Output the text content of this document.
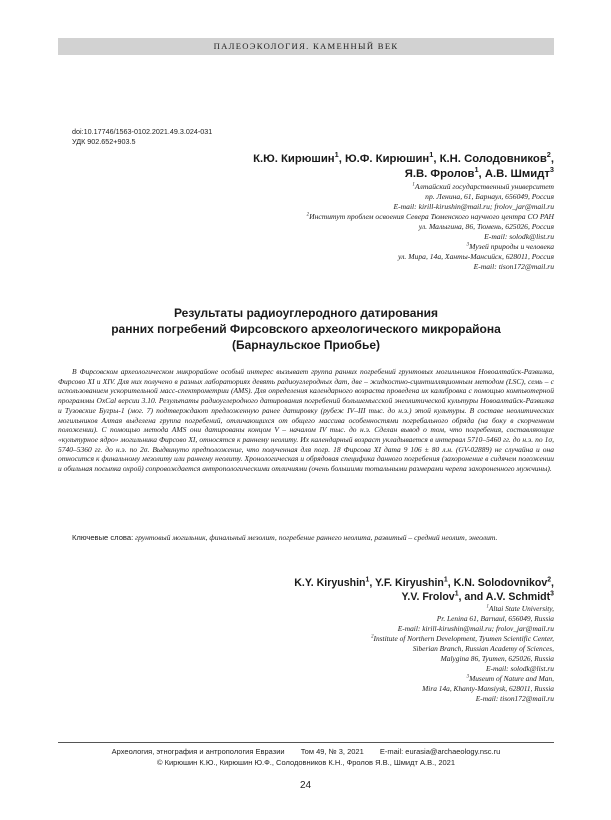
ПАЛЕОЭКОЛОГИЯ. КАМЕННЫЙ ВЕК
doi:10.17746/1563-0102.2021.49.3.024-031
УДК 902.652+903.5
К.Ю. Кирюшин$^1$, Ю.Ф. Кирюшин$^1$, К.Н. Солодовников$^2$,
Я.В. Фролов$^1$, А.В. Шмидт$^3$
$^1$Алтайский государственный университет
пр. Ленина, 61, Барнаул, 656049, Россия
E-mail: kirill-kirushin@mail.ru; frolov_jar@mail.ru
$^2$Институт проблем освоения Севера Тюменского научного центра СО РАН
ул. Малыгина, 86, Тюмень, 625026, Россия
E-mail: solodk@list.ru
$^3$Музей природы и человека
ул. Мира, 14а, Ханты-Мансийск, 628011, Россия
E-mail: tison172@mail.ru
Результаты радиоуглеродного датирования
ранних погребений Фирсовского археологического микрорайона
(Барнаульское Приобье)
В Фирсовском археологическом микрорайоне особый интерес вызывает группа ранних погребений грунтовых могильников Новоалтайск-Развилка, Фирсово XI и XIV. Для них получено в разных лабораториях девять радиоуглеродных дат, две – жидкостно-сцинтилляционным методом (LSC), семь – с использованием ускорительной масс-спектрометрии (AMS). Для определения календарного возраста проведена их калибровка с помощью компьютерной программы OxCal версии 3.10. Результаты радиоуглеродного датирования погребений большемысской энеолитической культуры Новоалтайск-Развилка и Тузовские Бугры-1 (мог. 7) подтверждают предложенную ранее датировку (рубеж IV–III тыс. до н.э.) этой культуры. В составе неолитических могильников Алтая выделена группа погребений, отличающихся от общего массива особенностями погребального обряда (на боку в скорченном положении). С помощью метода AMS они датированы концом V – началом IV тыс. до н.э. Сделан вывод о том, что погребения, составляющие «культурное ядро» могильника Фирсово XI, относятся к раннему неолиту. Их календарный возраст укладывается в интервал 5710–5460 гг. до н.э. по 1σ, 5740–5360 гг. до н.э. по 2σ. Выдвинуто предположение, что полученная для погр. 18 Фирсова XI дата 9 106 ± 80 л.н. (GV-02889) не случайна и она относится к финальному мезолиту или раннему неолиту. Хронологическая и обрядовая специфика данного погребения (захоронение в сидячем положении и обильная посыпка охрой) сопровождается антропологическими отличиями (очень большими тотальными размерами черепа захороненного мужчины).
Ключевые слова: грунтовый могильник, финальный мезолит, погребение раннего неолита, развитый – средний неолит, энеолит.
K.Y. Kiryushin$^1$, Y.F. Kiryushin$^1$, K.N. Solodovnikov$^2$,
Y.V. Frolov$^1$, and A.V. Schmidt$^3$
$^1$Altai State University,
Pr. Lenina 61, Barnaul, 656049, Russia
E-mail: kirill-kirushin@mail.ru; frolov_jar@mail.ru
$^2$Institute of Northern Development, Tyumen Scientific Center,
Siberian Branch, Russian Academy of Sciences,
Malygina 86, Tyumen, 625026, Russia
E-mail: solodk@list.ru
$^3$Museum of Nature and Man,
Mira 14a, Khanty-Mansiysk, 628011, Russia
E-mail: tison172@mail.ru
Археология, этнография и антропология Евразии Том 49, № 3, 2021 E-mail: eurasia@archaeology.nsc.ru
© Кирюшин К.Ю., Кирюшин Ю.Ф., Солодовников К.Н., Фролов Я.В., Шмидт А.В., 2021
24
